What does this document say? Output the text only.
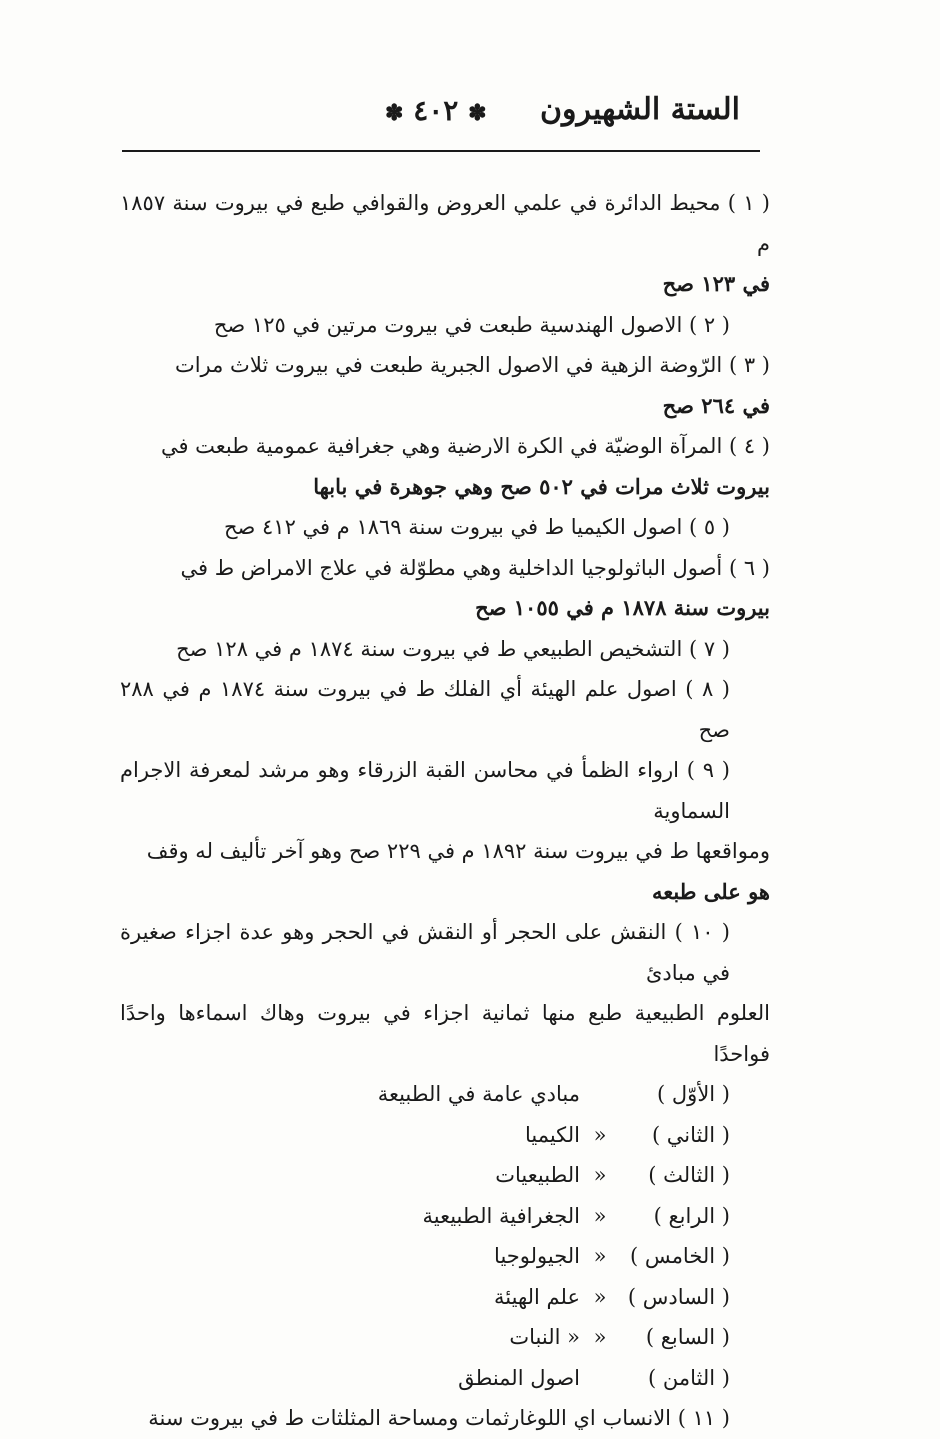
الستة الشهيرون
✽ ٤٠٢ ✽
( ١ ) محيط الدائرة في علمي العروض والقوافي طبع في بيروت سنة ١٨٥٧ م
في ١٢٣ صح
( ٢ ) الاصول الهندسية طبعت في بيروت مرتين في ١٢٥ صح
( ٣ ) الرّوضة الزهية في الاصول الجبرية طبعت في بيروت ثلاث مرات
في ٢٦٤ صح
( ٤ ) المرآة الوضيّة في الكرة الارضية وهي جغرافية عمومية طبعت في
بيروت ثلاث مرات في ٥٠٢ صح وهي جوهرة في بابها
( ٥ ) اصول الكيميا ط في بيروت سنة ١٨٦٩ م في ٤١٢ صح
( ٦ ) أصول الباثولوجيا الداخلية وهي مطوّلة في علاج الامراض ط في
بيروت سنة ١٨٧٨ م في ١٠٥٥ صح
( ٧ ) التشخيص الطبيعي ط في بيروت سنة ١٨٧٤ م في ١٢٨ صح
( ٨ ) اصول علم الهيئة أي الفلك ط في بيروت سنة ١٨٧٤ م في ٢٨٨ صح
( ٩ ) ارواء الظمأ في محاسن القبة الزرقاء وهو مرشد لمعرفة الاجرام السماوية
ومواقعها ط في بيروت سنة ١٨٩٢ م في ٢٢٩ صح وهو آخر تأليف له وقف
هو على طبعه
( ١٠ ) النقش على الحجر أو النقش في الحجر وهو عدة اجزاء صغيرة في مبادئ
العلوم الطبيعية طبع منها ثمانية اجزاء في بيروت وهاك اسماءها واحدًا فواحدًا
( الأوّل )مبادي عامة في الطبيعة
( الثاني )«الكيميا
( الثالث )«الطبيعيات
( الرابع )«الجغرافية الطبيعية
( الخامس )«الجيولوجيا
( السادس )«علم الهيئة
( السابع )«« النبات
( الثامن )اصول المنطق
( ١١ ) الانساب اي اللوغارثمات ومساحة المثلثات ط في بيروت سنة
